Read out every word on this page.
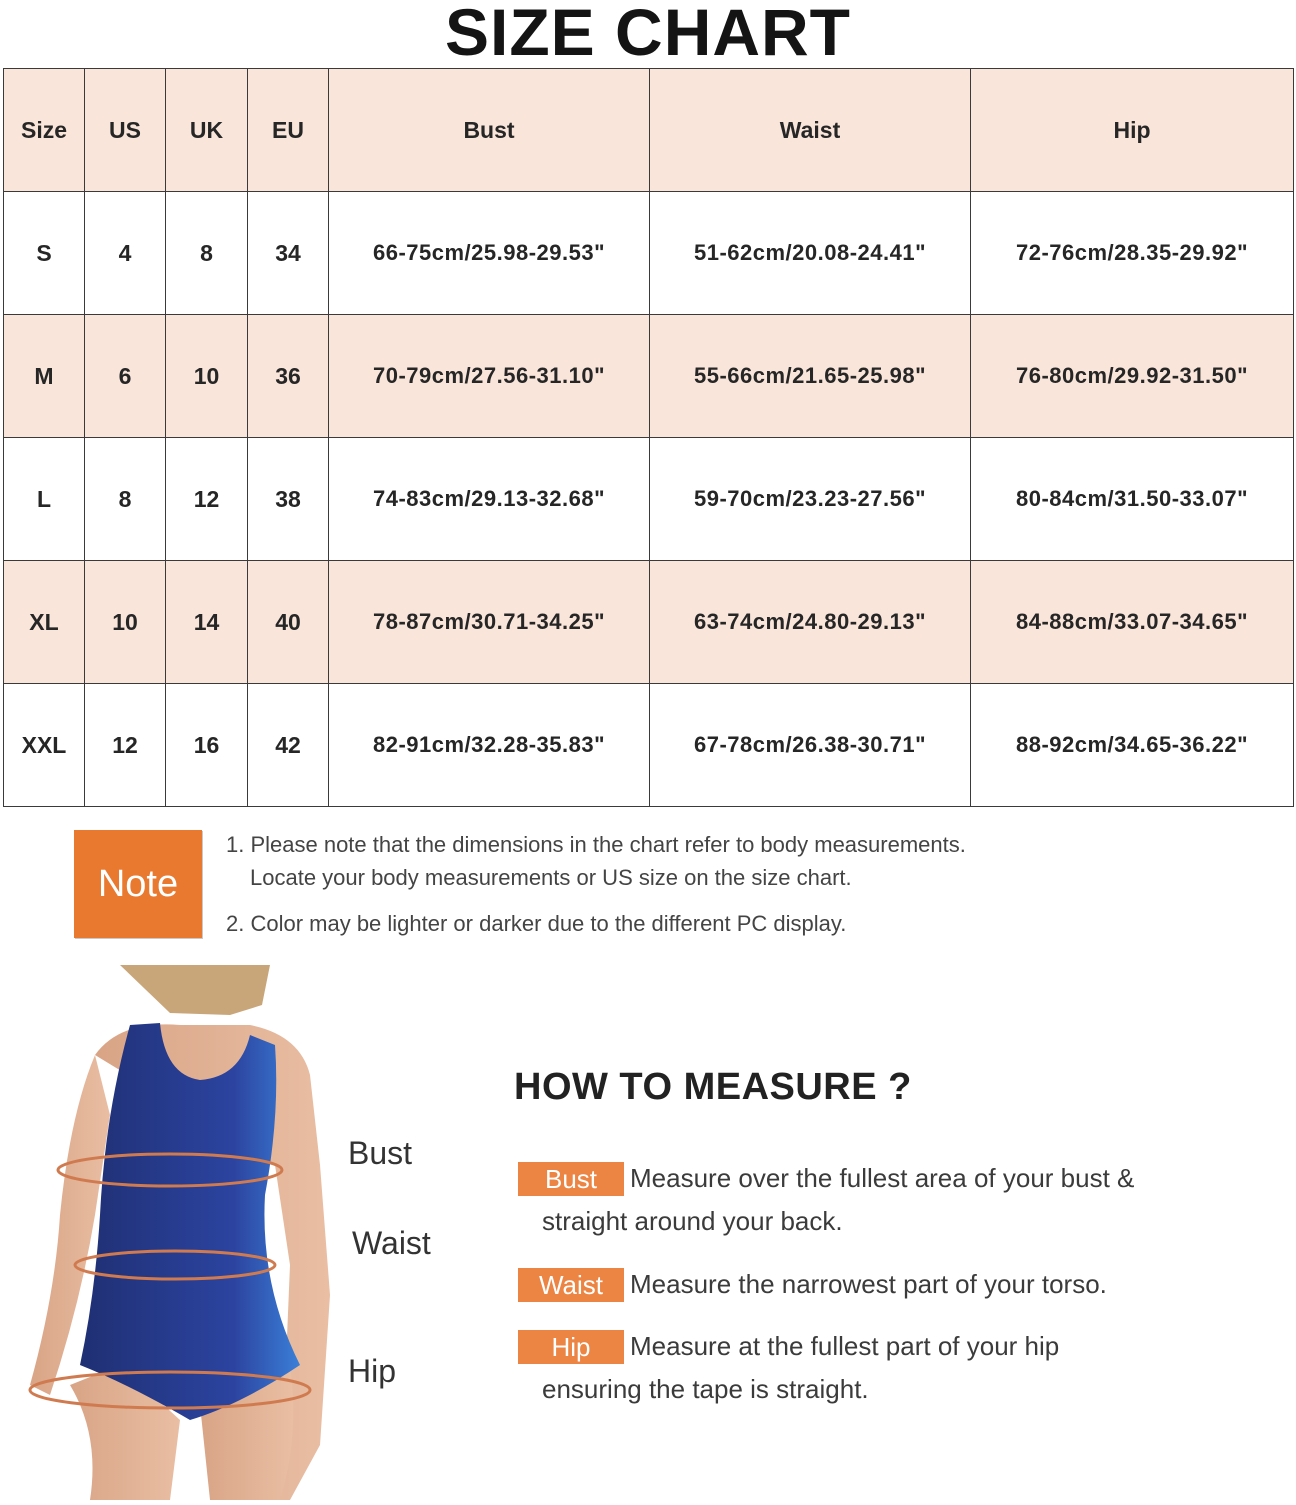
SIZE CHART
Size	US	UK	EU	Bust	Waist	Hip
S	4	8	34	66-75cm/25.98-29.53"	51-62cm/20.08-24.41"	72-76cm/28.35-29.92"
M	6	10	36	70-79cm/27.56-31.10"	55-66cm/21.65-25.98"	76-80cm/29.92-31.50"
L	8	12	38	74-83cm/29.13-32.68"	59-70cm/23.23-27.56"	80-84cm/31.50-33.07"
XL	10	14	40	78-87cm/30.71-34.25"	63-74cm/24.80-29.13"	84-88cm/33.07-34.65"
XXL	12	16	42	82-91cm/32.28-35.83"	67-78cm/26.38-30.71"	88-92cm/34.65-36.22"
Note
1. Please note that the dimensions in the chart refer to body measurements.
Locate your body measurements or US size on the size chart.
2. Color may be lighter or darker due to the different PC display.
Bust
Waist
Hip
HOW TO MEASURE ?
Bust	Measure over the fullest area of your bust &
straight around your back.
Waist	Measure the narrowest part of your torso.
Hip	Measure at the fullest part of your hip
ensuring the tape is straight.
